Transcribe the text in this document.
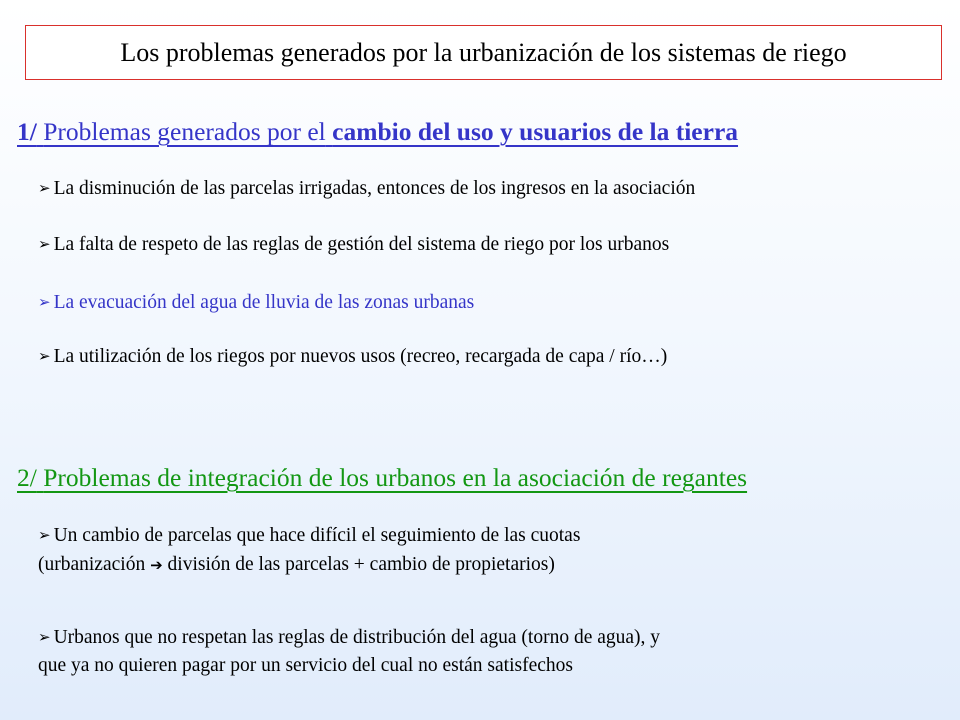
Los problemas generados por la urbanización de los sistemas de riego
1/ Problemas generados por el cambio del uso y usuarios de la tierra
➢ La disminución de las parcelas irrigadas, entonces de los ingresos en la asociación
➢ La falta de respeto de las reglas de gestión del sistema de riego por los urbanos
➢ La evacuación del agua de lluvia de las zonas urbanas
➢ La utilización de los riegos por nuevos usos (recreo, recargada de capa / río…)
2/ Problemas de integración de los urbanos en la asociación de regantes
➢ Un cambio de parcelas que hace difícil el seguimiento de las cuotas
(urbanización ➔ división de las parcelas + cambio de propietarios)
➢ Urbanos que no respetan las reglas de distribución del agua (torno de agua), y
que ya no quieren pagar por un servicio del cual no están satisfechos
